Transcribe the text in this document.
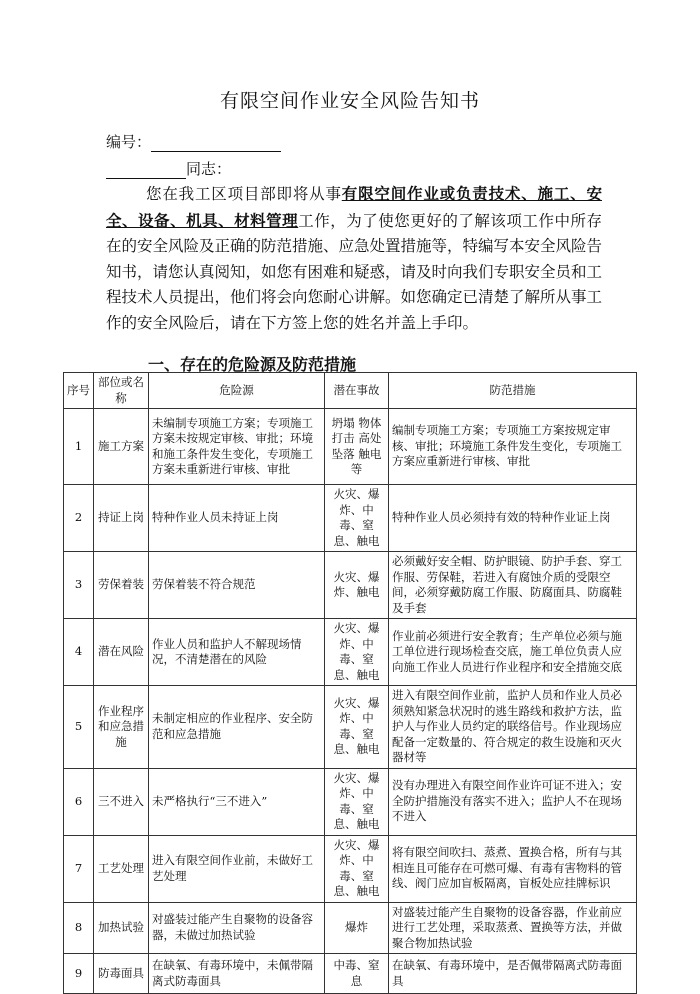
有限空间作业安全风险告知书
编号：
同志：
您在我工区项目部即将从事有限空间作业或负责技术、施工、安全、设备、机具、材料管理工作，为了使您更好的了解该项工作中所存在的安全风险及正确的防范措施、应急处置措施等，特编写本安全风险告知书，请您认真阅知，如您有困难和疑惑，请及时向我们专职安全员和工程技术人员提出，他们将会向您耐心讲解。如您确定已清楚了解所从事工作的安全风险后，请在下方签上您的姓名并盖上手印。
一、存在的危险源及防范措施
序号	部位或名称	危险源	潜在事故	防范措施
1	施工方案	未编制专项施工方案；专项施工方案未按规定审核、审批；环境和施工条件发生变化，专项施工方案未重新进行审核、审批	坍塌 物体打击 高处坠落 触电等	编制专项施工方案；专项施工方案按规定审核、审批；环境施工条件发生变化，专项施工方案应重新进行审核、审批
2	持证上岗	特种作业人员未持证上岗	火灾、爆炸、中毒、窒息、触电	特种作业人员必须持有效的特种作业证上岗
3	劳保着装	劳保着装不符合规范	火灾、爆炸、触电	必须戴好安全帽、防护眼镜、防护手套、穿工作服、劳保鞋，若进入有腐蚀介质的受限空间，必须穿戴防腐工作服、防腐面具、防腐鞋及手套
4	潜在风险	作业人员和监护人不解现场情况，不清楚潜在的风险	火灾、爆炸、中毒、窒息、触电	作业前必须进行安全教育；生产单位必须与施工单位进行现场检查交底，施工单位负责人应向施工作业人员进行作业程序和安全措施交底
5	作业程序和应急措施	未制定相应的作业程序、安全防范和应急措施	火灾、爆炸、中毒、窒息、触电	进入有限空间作业前，监护人员和作业人员必须熟知紧急状况时的逃生路线和救护方法，监护人与作业人员约定的联络信号。作业现场应配备一定数量的、符合规定的救生设施和灭火器材等
6	三不进入	未严格执行“三不进入”	火灾、爆炸、中毒、窒息、触电	没有办理进入有限空间作业许可证不进入；安全防护措施没有落实不进入；监护人不在现场不进入
7	工艺处理	进入有限空间作业前，未做好工艺处理	火灾、爆炸、中毒、窒息、触电	将有限空间吹扫、蒸煮、置换合格，所有与其相连且可能存在可燃可爆、有毒有害物料的管线、阀门应加盲板隔离，盲板处应挂牌标识
8	加热试验	对盛装过能产生自聚物的设备容器，未做过加热试验	爆炸	对盛装过能产生自聚物的设备容器，作业前应进行工艺处理，采取蒸煮、置换等方法，并做聚合物加热试验
9	防毒面具	在缺氧、有毒环境中，未佩带隔离式防毒面具	中毒、窒息	在缺氧、有毒环境中，是否佩带隔离式防毒面具
